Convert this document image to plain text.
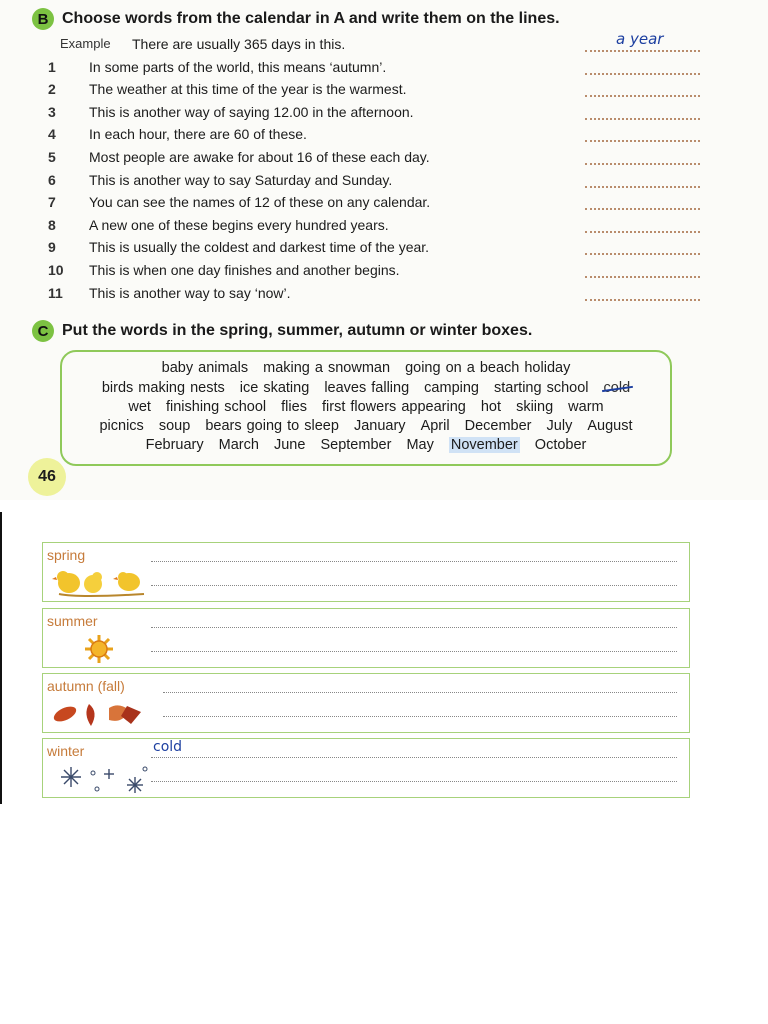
B Choose words from the calendar in A and write them on the lines.
Example There are usually 365 days in this.	a year
1	In some parts of the world, this means ‘autumn’.
2	The weather at this time of the year is the warmest.
3	This is another way of saying 12.00 in the afternoon.
4	In each hour, there are 60 of these.
5	Most people are awake for about 16 of these each day.
6	This is another way to say Saturday and Sunday.
7	You can see the names of 12 of these on any calendar.
8	A new one of these begins every hundred years.
9	This is usually the coldest and darkest time of the year.
10	This is when one day finishes and another begins.
11	This is another way to say ‘now’.
C Put the words in the spring, summer, autumn or winter boxes.
baby animals making a snowman going on a beach holiday
birds making nests ice skating leaves falling camping starting school cold
wet finishing school flies first flowers appearing hot skiing warm
picnics soup bears going to sleep January April December July August
February March June September May November October
46
spring
summer
autumn (fall)
winter	cold
